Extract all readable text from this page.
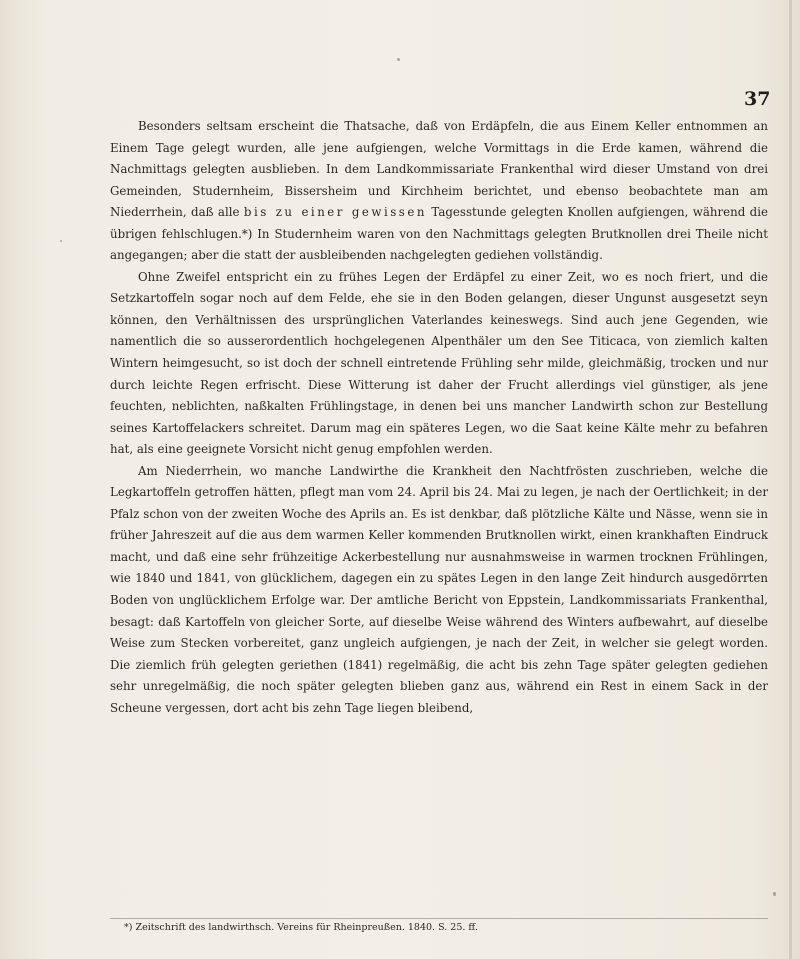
37

Besonders seltsam erscheint die Thatsache, daß von Erdäpfeln, die aus Einem Keller entnommen an Einem Tage gelegt wurden, alle jene aufgiengen, welche Vormittags in die Erde kamen, während die Nachmittags gelegten ausblieben. In dem Landkommissariate Frankenthal wird dieser Umstand von drei Gemeinden, Studernheim, Bissersheim und Kirchheim berichtet, und ebenso beobachtete man am Niederrhein, daß alle bis zu einer gewissen Tagesstunde gelegten Knollen aufgiengen, während die übrigen fehlschlugen.*) In Studernheim waren von den Nachmittags gelegten Brutknollen drei Theile nicht angegangen; aber die statt der ausbleibenden nachgelegten gediehen vollständig.

Ohne Zweifel entspricht ein zu frühes Legen der Erdäpfel zu einer Zeit, wo es noch friert, und die Setzkartoffeln sogar noch auf dem Felde, ehe sie in den Boden gelangen, dieser Ungunst ausgesetzt seyn können, den Verhältnissen des ursprünglichen Vaterlandes keineswegs. Sind auch jene Gegenden, wie namentlich die so ausserordentlich hochgelegenen Alpenthäler um den See Titicaca, von ziemlich kalten Wintern heimgesucht, so ist doch der schnell eintretende Frühling sehr milde, gleichmäßig, trocken und nur durch leichte Regen erfrischt. Diese Witterung ist daher der Frucht allerdings viel günstiger, als jene feuchten, neblichten, naßkalten Frühlingstage, in denen bei uns mancher Landwirth schon zur Bestellung seines Kartoffelackers schreitet. Darum mag ein späteres Legen, wo die Saat keine Kälte mehr zu befahren hat, als eine geeignete Vorsicht nicht genug empfohlen werden.

Am Niederrhein, wo manche Landwirthe die Krankheit den Nachtfrösten zuschrieben, welche die Legkartoffeln getroffen hätten, pflegt man vom 24. April bis 24. Mai zu legen, je nach der Oertlichkeit; in der Pfalz schon von der zweiten Woche des Aprils an. Es ist denkbar, daß plötzliche Kälte und Nässe, wenn sie in früher Jahreszeit auf die aus dem warmen Keller kommenden Brutknollen wirkt, einen krankhaften Eindruck macht, und daß eine sehr frühzeitige Ackerbestellung nur ausnahmsweise in warmen trocknen Frühlingen, wie 1840 und 1841, von glücklichem, dagegen ein zu spätes Legen in den lange Zeit hindurch ausgedörrten Boden von unglücklichem Erfolge war. Der amtliche Bericht von Eppstein, Landkommissariats Frankenthal, besagt: daß Kartoffeln von gleicher Sorte, auf dieselbe Weise während des Winters aufbewahrt, auf dieselbe Weise zum Stecken vorbereitet, ganz ungleich aufgiengen, je nach der Zeit, in welcher sie gelegt worden. Die ziemlich früh gelegten geriethen (1841) regelmäßig, die acht bis zehn Tage später gelegten gediehen sehr unregelmäßig, die noch später gelegten blieben ganz aus, während ein Rest in einem Sack in der Scheune vergessen, dort acht bis zehn Tage liegen bleibend,

*) Zeitschrift des landwirthsch. Vereins für Rheinpreußen. 1840. S. 25. ff.
